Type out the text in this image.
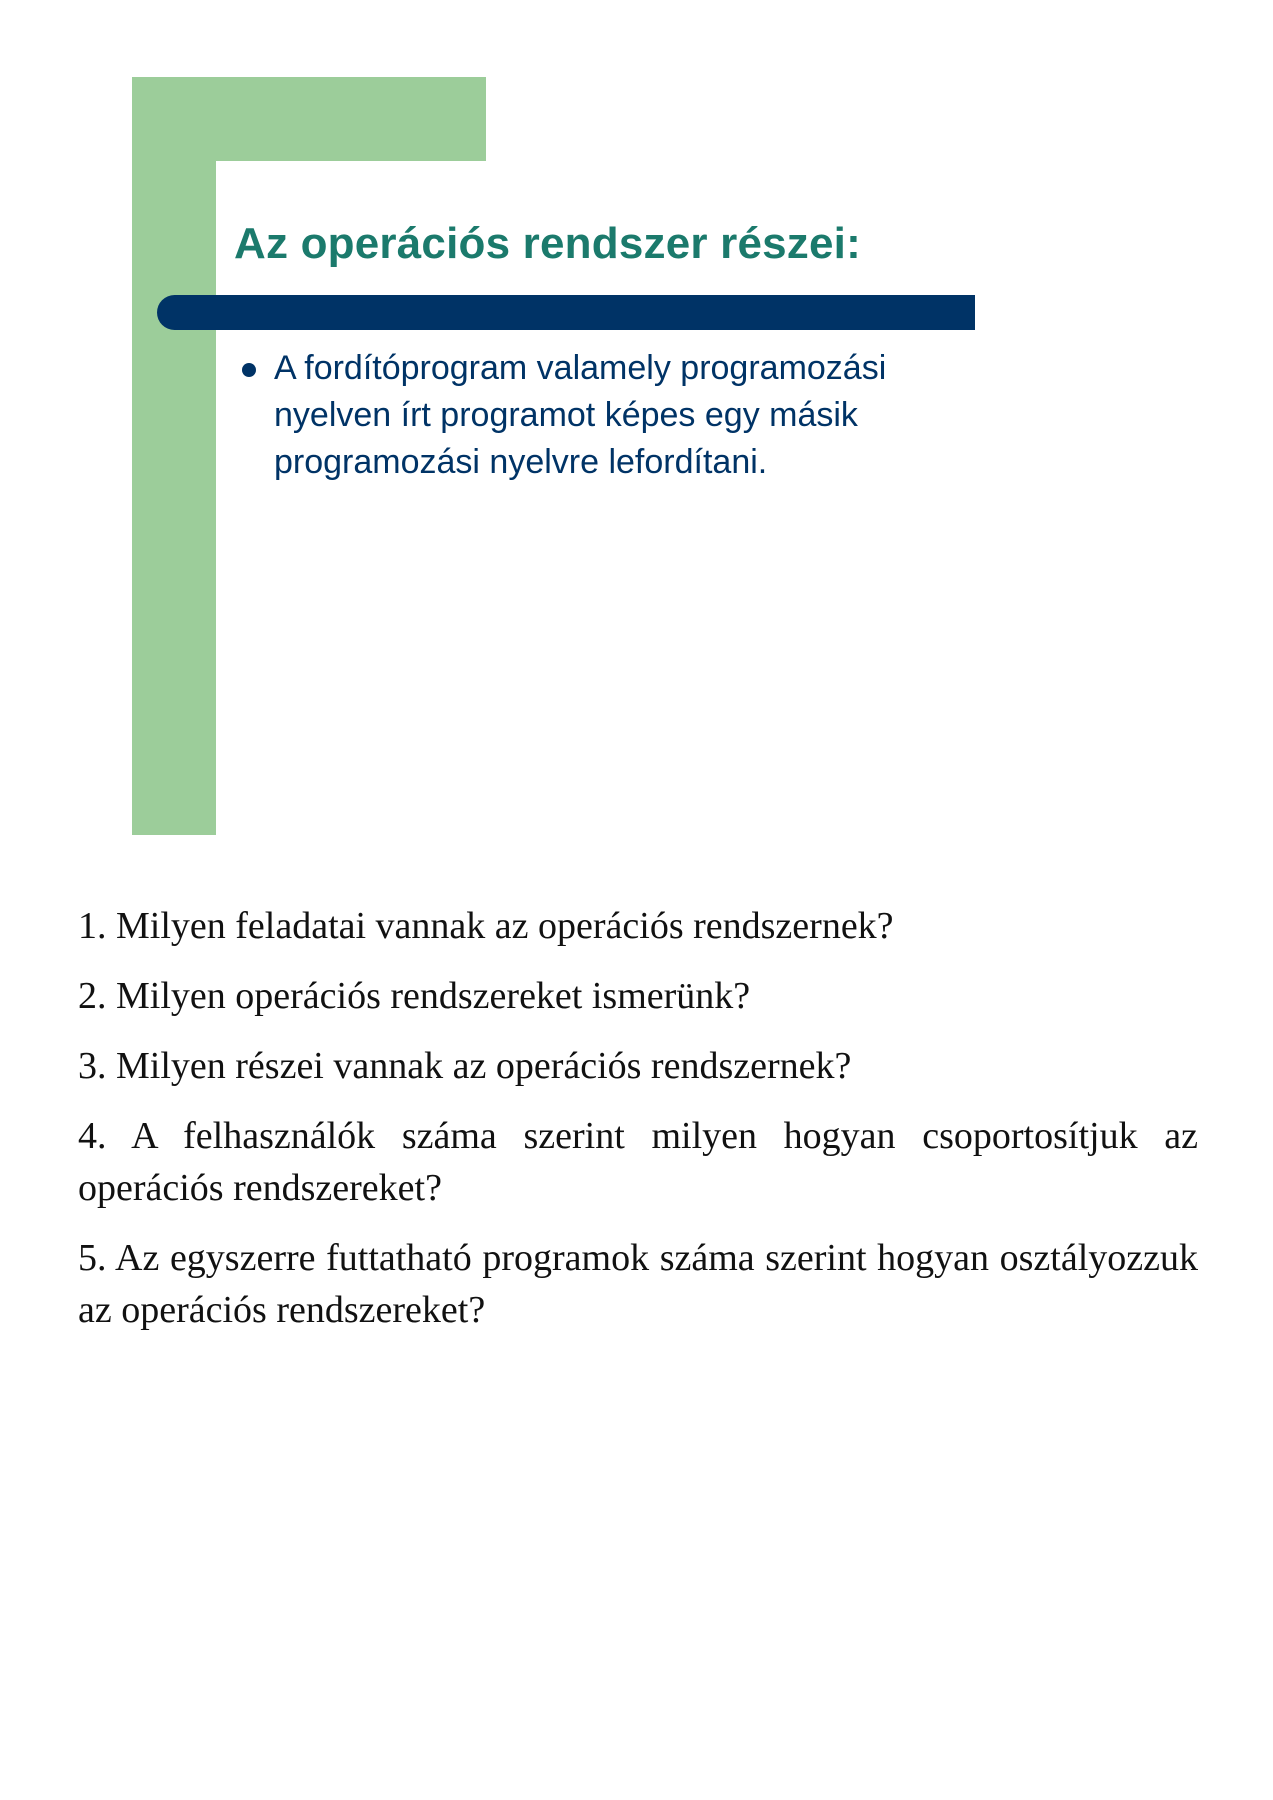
Az operációs rendszer részei:
A fordítóprogram valamely programozási nyelven írt programot képes egy másik programozási nyelvre lefordítani.

1. Milyen feladatai vannak az operációs rendszernek?

2. Milyen operációs rendszereket ismerünk?

3. Milyen részei vannak az operációs rendszernek?

4. A felhasználók száma szerint milyen hogyan csoportosítjuk az operációs rendszereket?

5. Az egyszerre futtatható programok száma szerint hogyan osztályozzuk az operációs rendszereket?
